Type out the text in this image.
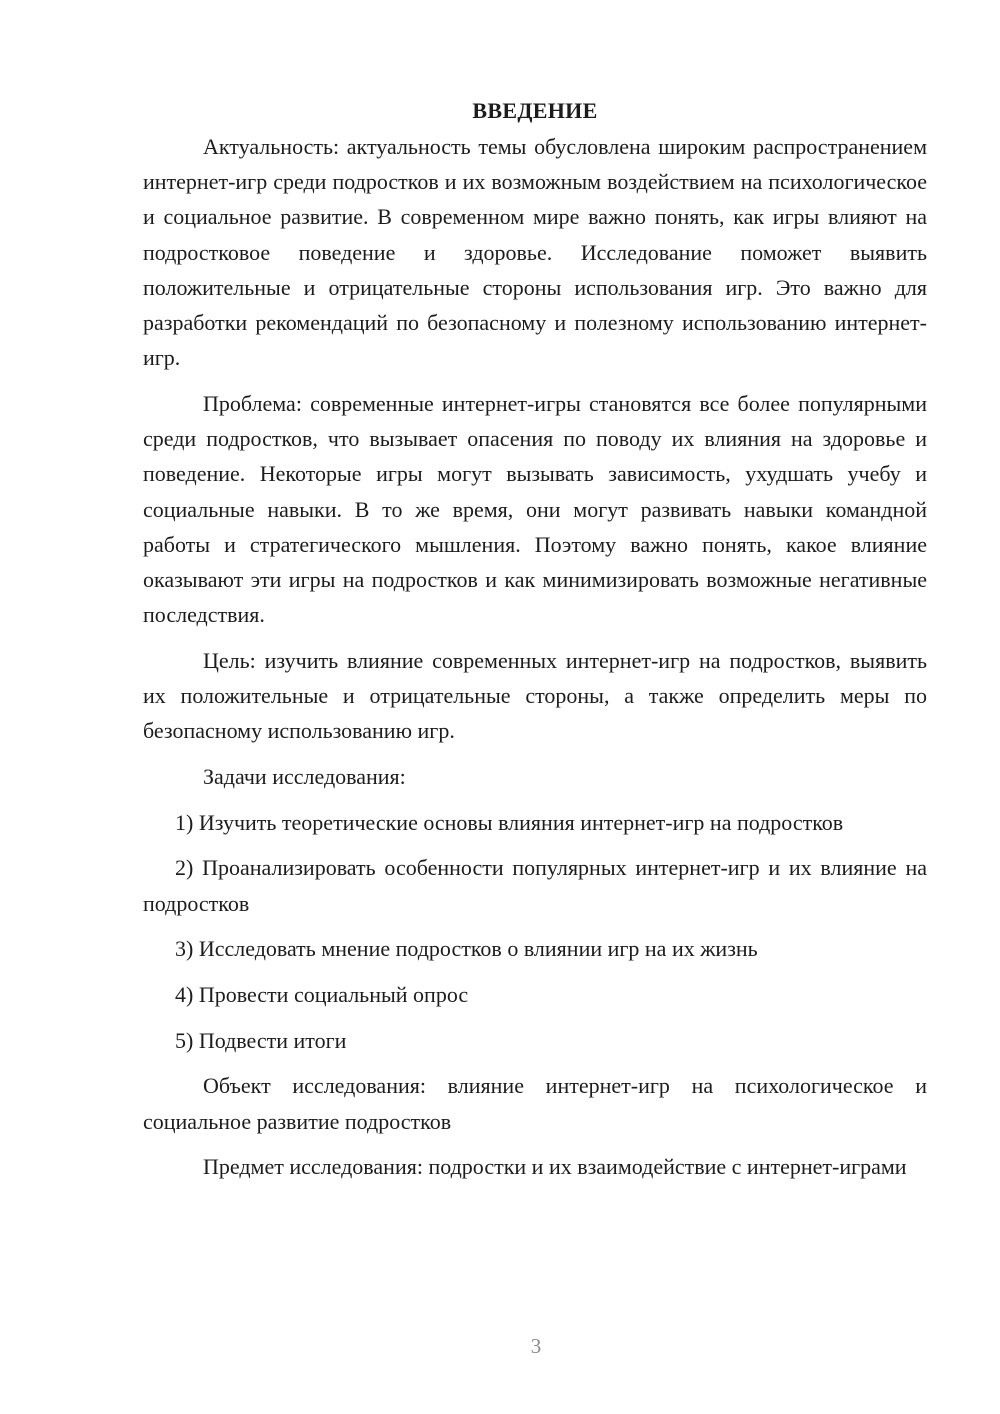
ВВЕДЕНИЕ

Актуальность: актуальность темы обусловлена широким распространением интернет-игр среди подростков и их возможным воздействием на психологическое и социальное развитие. В современном мире важно понять, как игры влияют на подростковое поведение и здоровье. Исследование поможет выявить положительные и отрицательные стороны использования игр. Это важно для разработки рекомендаций по безопасному и полезному использованию интернет-игр.

Проблема: современные интернет-игры становятся все более популярными среди подростков, что вызывает опасения по поводу их влияния на здоровье и поведение. Некоторые игры могут вызывать зависимость, ухудшать учебу и социальные навыки. В то же время, они могут развивать навыки командной работы и стратегического мышления. Поэтому важно понять, какое влияние оказывают эти игры на подростков и как минимизировать возможные негативные последствия.

Цель: изучить влияние современных интернет-игр на подростков, выявить их положительные и отрицательные стороны, а также определить меры по безопасному использованию игр.

Задачи исследования:

1) Изучить теоретические основы влияния интернет-игр на подростков

2) Проанализировать особенности популярных интернет-игр и их влияние на подростков

3) Исследовать мнение подростков о влиянии игр на их жизнь

4) Провести социальный опрос

5) Подвести итоги

Объект исследования: влияние интернет-игр на психологическое и социальное развитие подростков

Предмет исследования: подростки и их взаимодействие с интернет-играми

3
